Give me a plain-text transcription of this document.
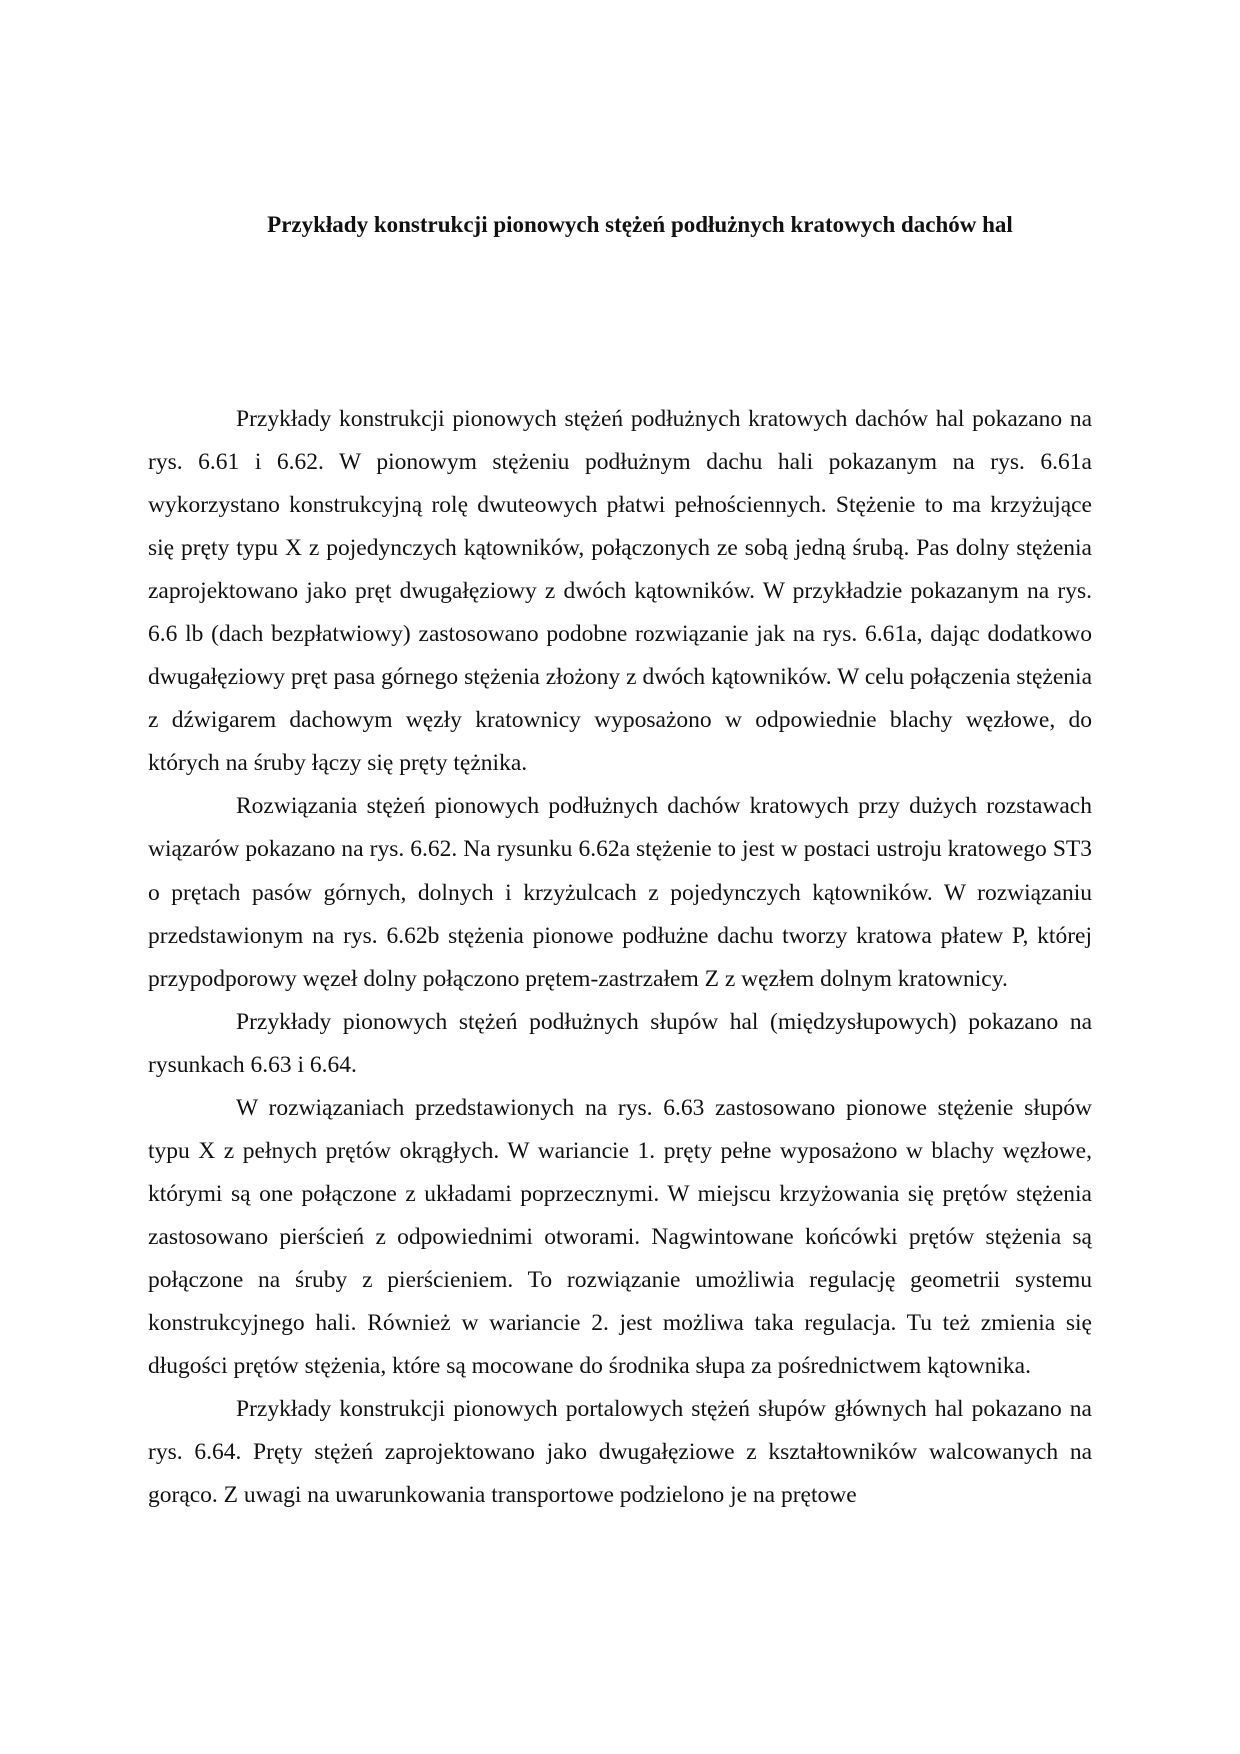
Przykłady konstrukcji pionowych stężeń podłużnych kratowych dachów hal

Przykłady konstrukcji pionowych stężeń podłużnych kratowych dachów hal pokazano na rys. 6.61 i 6.62. W pionowym stężeniu podłużnym dachu hali pokazanym na rys. 6.61a wykorzystano konstrukcyjną rolę dwuteowych płatwi pełnościennych. Stężenie to ma krzyżujące się pręty typu X z pojedynczych kątowników, połączonych ze sobą jedną śrubą. Pas dolny stężenia zaprojektowano jako pręt dwugałęziowy z dwóch kątowników. W przykładzie pokazanym na rys. 6.6 lb (dach bezpłatwiowy) zastosowano podobne rozwiązanie jak na rys. 6.61a, dając dodatkowo dwugałęziowy pręt pasa górnego stężenia złożony z dwóch kątowników. W celu połączenia stężenia z dźwigarem dachowym węzły kratownicy wyposażono w odpowiednie blachy węzłowe, do których na śruby łączy się pręty tężnika.

Rozwiązania stężeń pionowych podłużnych dachów kratowych przy dużych rozstawach wiązarów pokazano na rys. 6.62. Na rysunku 6.62a stężenie to jest w postaci ustroju kratowego ST3 o prętach pasów górnych, dolnych i krzyżulcach z pojedynczych kątowników. W rozwiązaniu przedstawionym na rys. 6.62b stężenia pionowe podłużne dachu tworzy kratowa płatew P, której przypodporowy węzeł dolny połączono prętem-zastrzałem Z z węzłem dolnym kratownicy.

Przykłady pionowych stężeń podłużnych słupów hal (międzysłupowych) pokazano na rysunkach 6.63 i 6.64.

W rozwiązaniach przedstawionych na rys. 6.63 zastosowano pionowe stężenie słupów typu X z pełnych prętów okrągłych. W wariancie 1. pręty pełne wyposażono w blachy węzłowe, którymi są one połączone z układami poprzecznymi. W miejscu krzyżowania się prętów stężenia zastosowano pierścień z odpowiednimi otworami. Nagwintowane końcówki prętów stężenia są połączone na śruby z pierścieniem. To rozwiązanie umożliwia regulację geometrii systemu konstrukcyjnego hali. Również w wariancie 2. jest możliwa taka regulacja. Tu też zmienia się długości prętów stężenia, które są mocowane do środnika słupa za pośrednictwem kątownika.

Przykłady konstrukcji pionowych portalowych stężeń słupów głównych hal pokazano na rys. 6.64. Pręty stężeń zaprojektowano jako dwugałęziowe z kształtowników walcowanych na gorąco. Z uwagi na uwarunkowania transportowe podzielono je na prętowe
